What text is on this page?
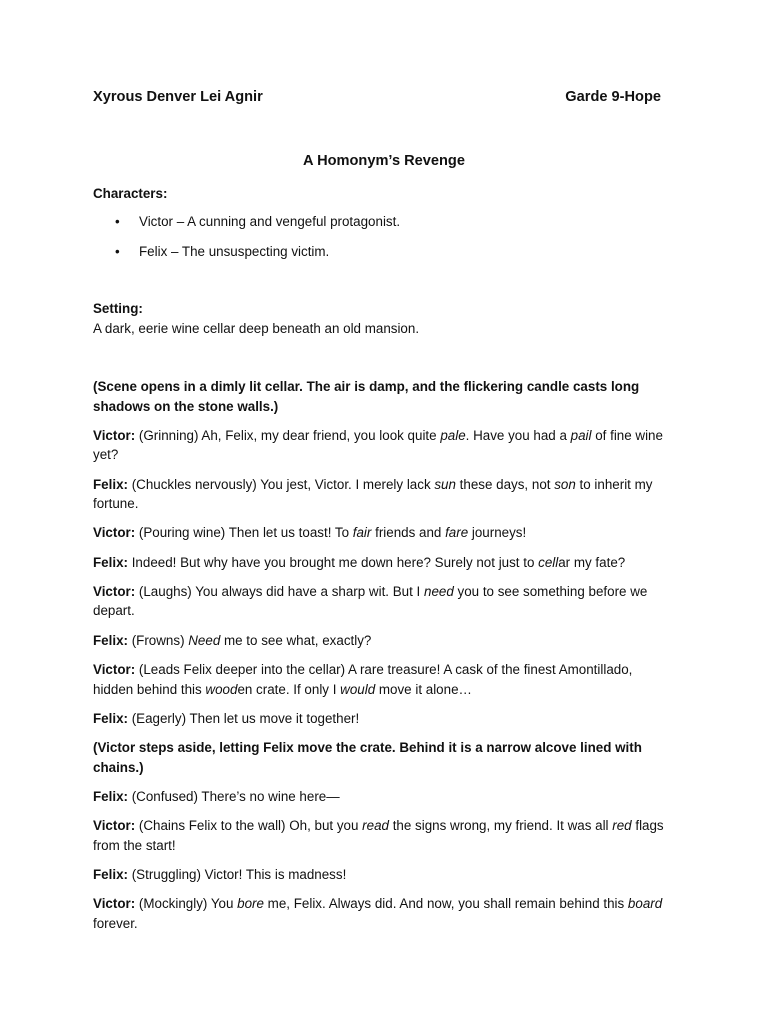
Xyrous Denver Lei Agnir	Garde 9-Hope
A Homonym’s Revenge
Characters:
• Victor – A cunning and vengeful protagonist.
• Felix – The unsuspecting victim.
Setting:
A dark, eerie wine cellar deep beneath an old mansion.

(Scene opens in a dimly lit cellar. The air is damp, and the flickering candle casts long shadows on the stone walls.)

Victor: (Grinning) Ah, Felix, my dear friend, you look quite pale. Have you had a pail of fine wine yet?

Felix: (Chuckles nervously) You jest, Victor. I merely lack sun these days, not son to inherit my fortune.

Victor: (Pouring wine) Then let us toast! To fair friends and fare journeys!

Felix: Indeed! But why have you brought me down here? Surely not just to cellar my fate?

Victor: (Laughs) You always did have a sharp wit. But I need you to see something before we depart.

Felix: (Frowns) Need me to see what, exactly?

Victor: (Leads Felix deeper into the cellar) A rare treasure! A cask of the finest Amontillado, hidden behind this wooden crate. If only I would move it alone…

Felix: (Eagerly) Then let us move it together!

(Victor steps aside, letting Felix move the crate. Behind it is a narrow alcove lined with chains.)

Felix: (Confused) There’s no wine here—

Victor: (Chains Felix to the wall) Oh, but you read the signs wrong, my friend. It was all red flags from the start!

Felix: (Struggling) Victor! This is madness!

Victor: (Mockingly) You bore me, Felix. Always did. And now, you shall remain behind this board forever.
